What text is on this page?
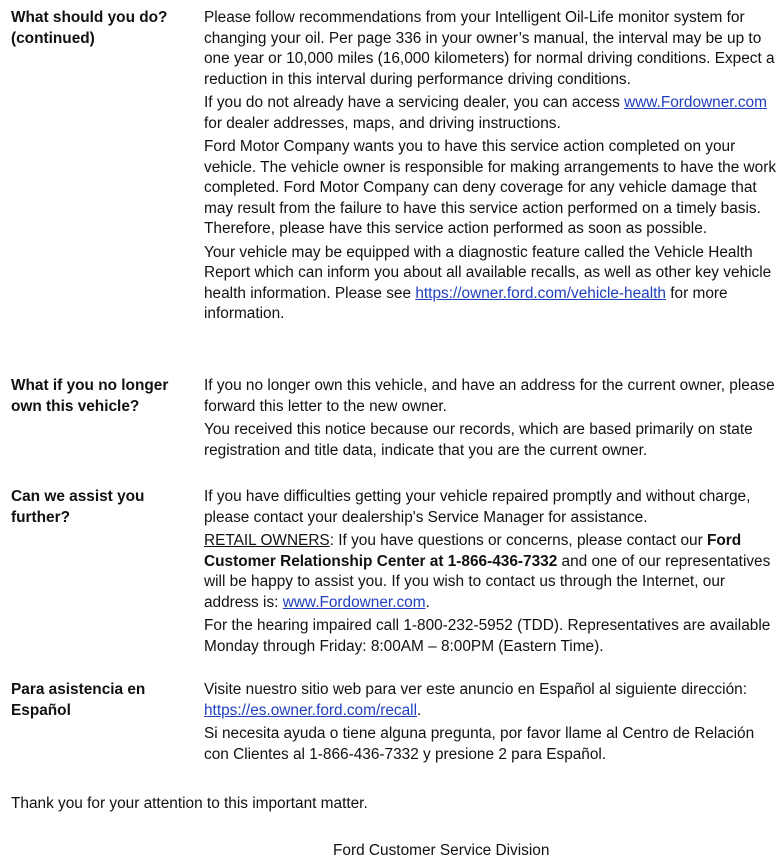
What should you do? (continued)

Please follow recommendations from your Intelligent Oil-Life monitor system for changing your oil. Per page 336 in your owner’s manual, the interval may be up to one year or 10,000 miles (16,000 kilometers) for normal driving conditions. Expect a reduction in this interval during performance driving conditions.

If you do not already have a servicing dealer, you can access www.Fordowner.com for dealer addresses, maps, and driving instructions.

Ford Motor Company wants you to have this service action completed on your vehicle. The vehicle owner is responsible for making arrangements to have the work completed. Ford Motor Company can deny coverage for any vehicle damage that may result from the failure to have this service action performed on a timely basis. Therefore, please have this service action performed as soon as possible.

Your vehicle may be equipped with a diagnostic feature called the Vehicle Health Report which can inform you about all available recalls, as well as other key vehicle health information. Please see https://owner.ford.com/vehicle-health for more information.

What if you no longer own this vehicle?

If you no longer own this vehicle, and have an address for the current owner, please forward this letter to the new owner.

You received this notice because our records, which are based primarily on state registration and title data, indicate that you are the current owner.

Can we assist you further?

If you have difficulties getting your vehicle repaired promptly and without charge, please contact your dealership's Service Manager for assistance.

RETAIL OWNERS: If you have questions or concerns, please contact our Ford Customer Relationship Center at 1-866-436-7332 and one of our representatives will be happy to assist you. If you wish to contact us through the Internet, our address is: www.Fordowner.com.

For the hearing impaired call 1-800-232-5952 (TDD). Representatives are available Monday through Friday: 8:00AM – 8:00PM (Eastern Time).

Para asistencia en Español

Visite nuestro sitio web para ver este anuncio en Español al siguiente dirección: https://es.owner.ford.com/recall.

Si necesita ayuda o tiene alguna pregunta, por favor llame al Centro de Relación con Clientes al 1-866-436-7332 y presione 2 para Español.

Thank you for your attention to this important matter.
Ford Customer Service Division
